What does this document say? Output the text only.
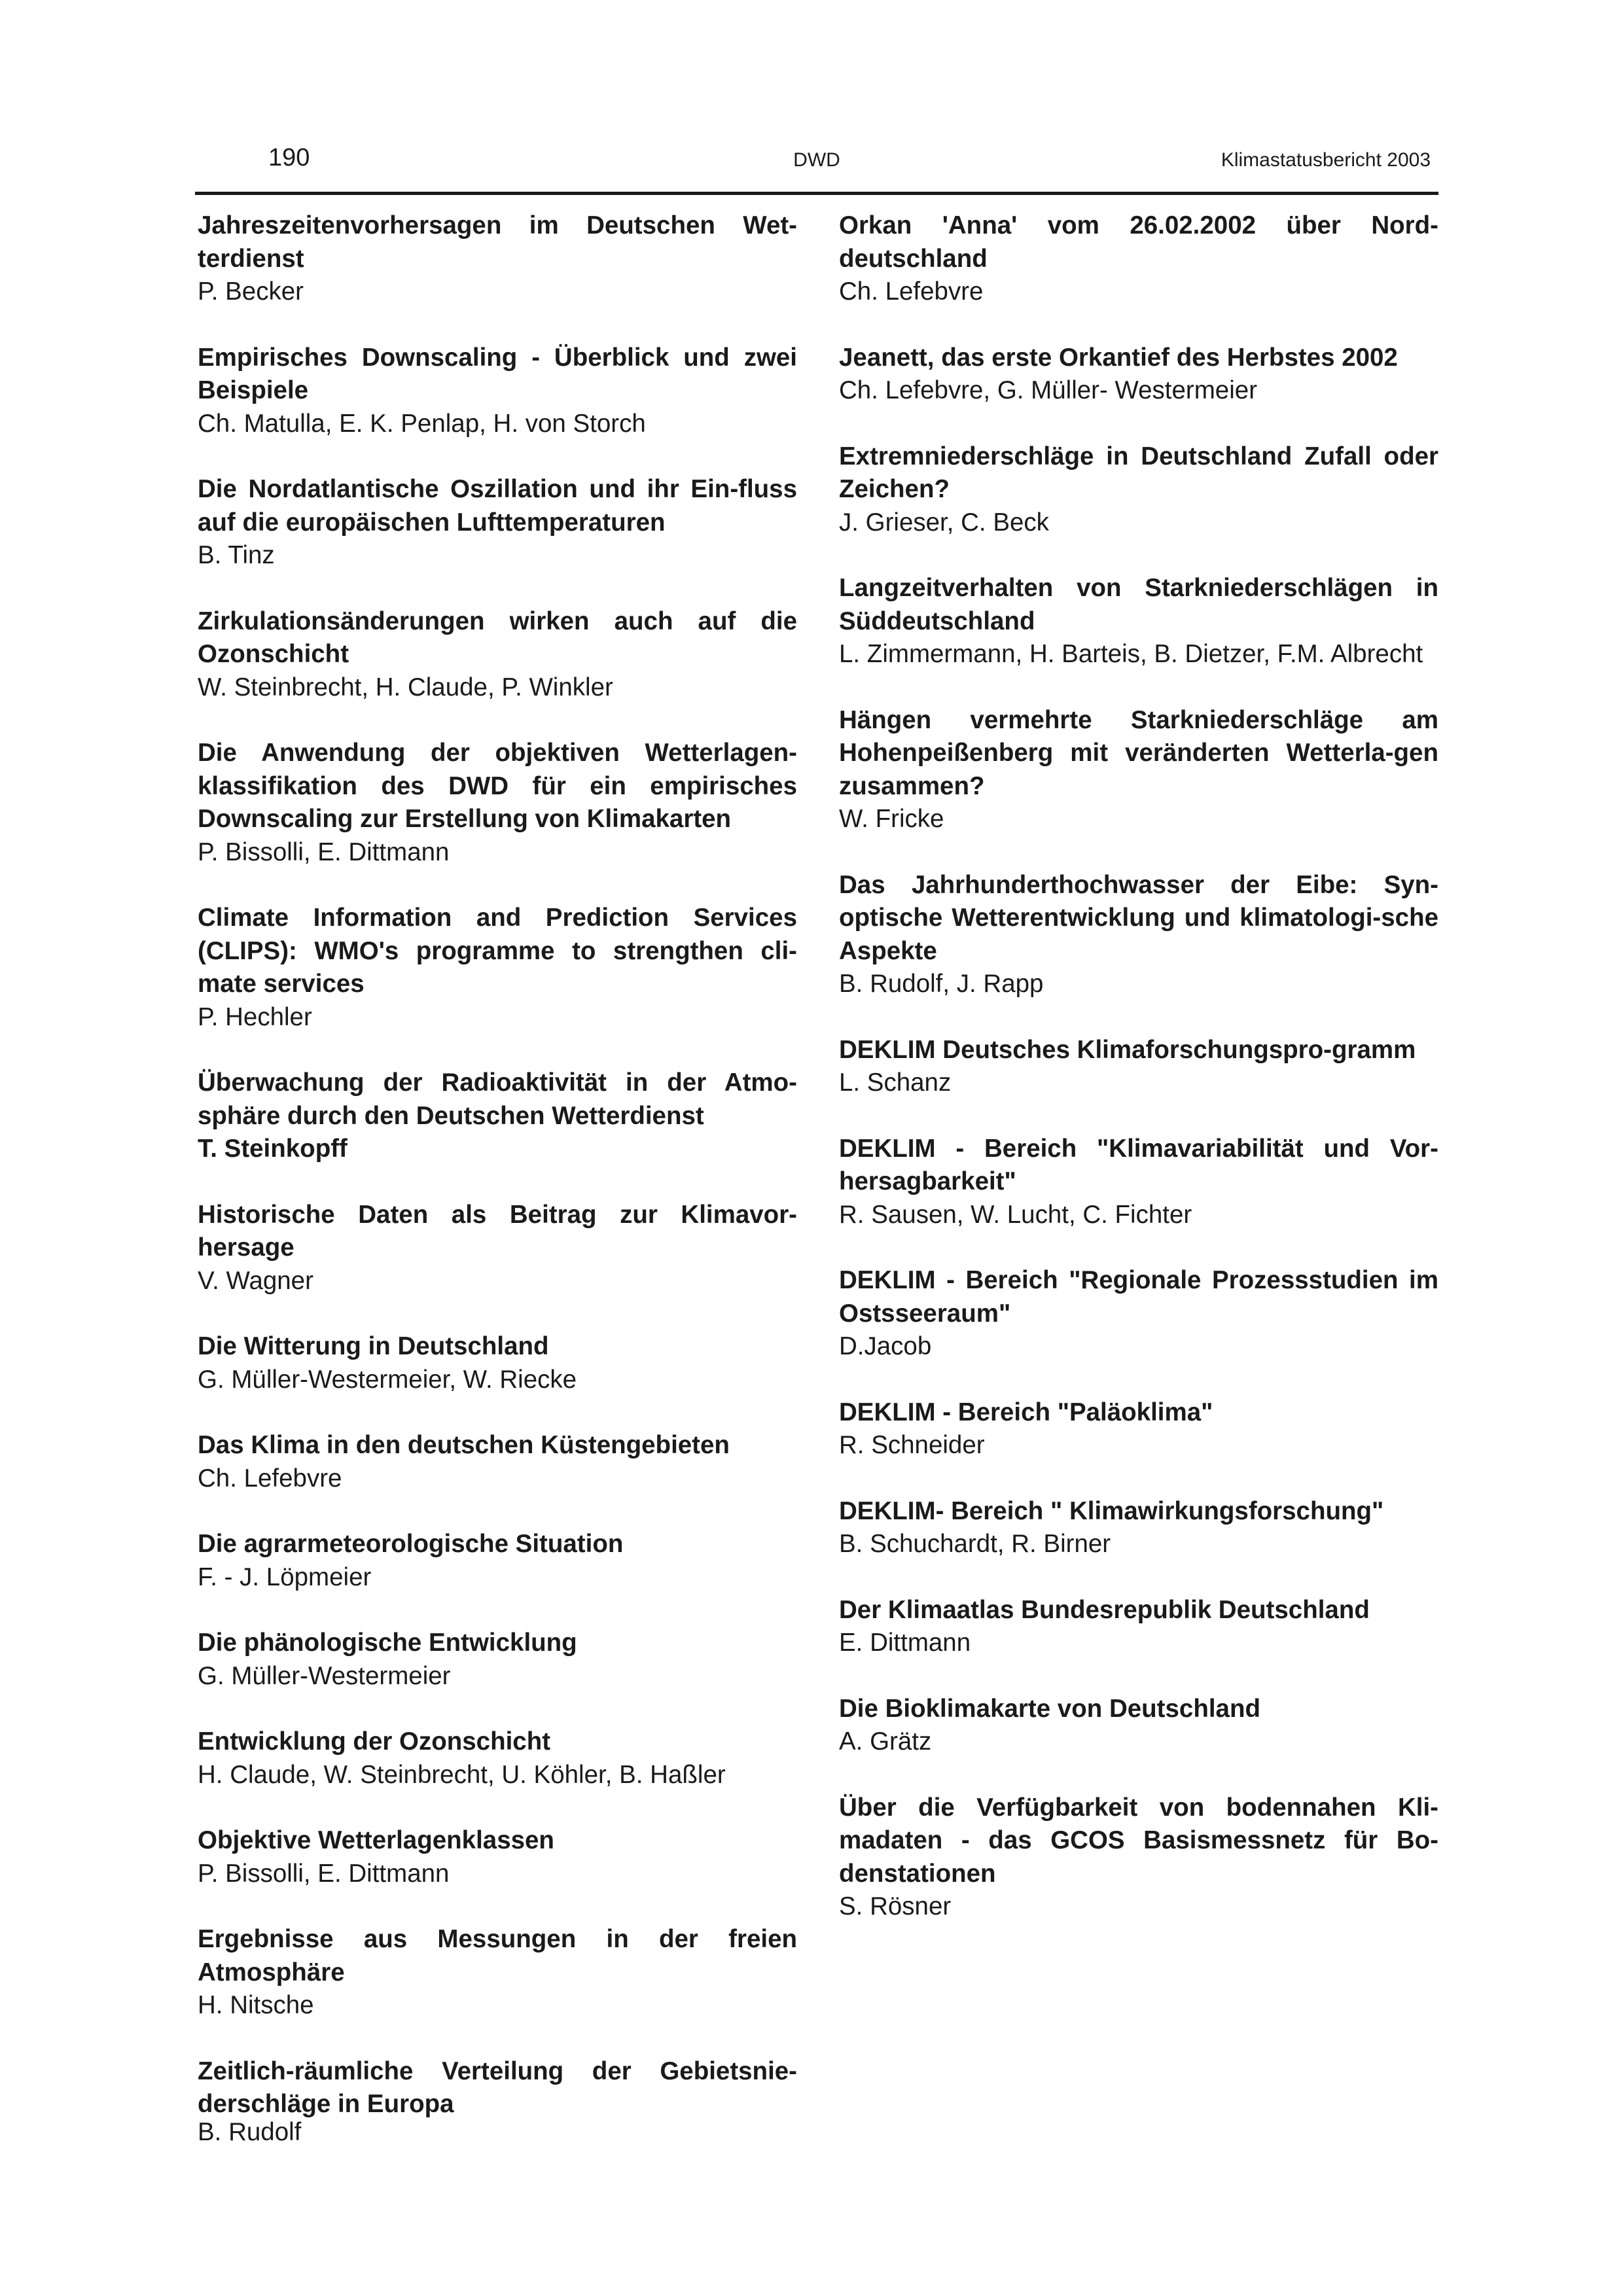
190	DWD	Klimastatusbericht 2003

Jahreszeitenvorhersagen im Deutschen Wet-terdienst

P. Becker

Empirisches Downscaling - Überblick und zwei Beispiele

Ch. Matulla, E. K. Penlap, H. von Storch

Die Nordatlantische Oszillation und ihr Ein-fluss auf die europäischen Lufttemperaturen

B. Tinz

Zirkulationsänderungen wirken auch auf die Ozonschicht

W. Steinbrecht, H. Claude, P. Winkler

Die Anwendung der objektiven Wetterlagen-klassifikation des DWD für ein empirisches Downscaling zur Erstellung von Klimakarten

P. Bissolli, E. Dittmann

Climate Information and Prediction Services (CLIPS): WMO's programme to strengthen cli-mate services

P. Hechler

Überwachung der Radioaktivität in der Atmo-sphäre durch den Deutschen Wetterdienst

T. Steinkopff

Historische Daten als Beitrag zur Klimavor-hersage

V. Wagner

Die Witterung in Deutschland

G. Müller-Westermeier, W. Riecke

Das Klima in den deutschen Küstengebieten

Ch. Lefebvre

Die agrarmeteorologische Situation

F. - J. Löpmeier

Die phänologische Entwicklung

G. Müller-Westermeier

Entwicklung der Ozonschicht

H. Claude, W. Steinbrecht, U. Köhler, B. Haßler

Objektive Wetterlagenklassen

P. Bissolli, E. Dittmann

Ergebnisse aus Messungen in der freien Atmosphäre

H. Nitsche

Zeitlich-räumliche Verteilung der Gebietsnie-derschläge in Europa

B. Rudolf

Orkan 'Anna' vom 26.02.2002 über Nord-deutschland

Ch. Lefebvre

Jeanett, das erste Orkantief des Herbstes 2002

Ch. Lefebvre, G. Müller- Westermeier

Extremniederschläge in Deutschland Zufall oder Zeichen?

J. Grieser, C. Beck

Langzeitverhalten von Starkniederschlägen in Süddeutschland

L. Zimmermann, H. Barteis, B. Dietzer, F.M. Albrecht

Hängen vermehrte Starkniederschläge am Hohenpeißenberg mit veränderten Wetterla-gen zusammen?

W. Fricke

Das Jahrhunderthochwasser der Eibe: Syn-optische Wetterentwicklung und klimatologi-sche Aspekte

B. Rudolf, J. Rapp

DEKLIM Deutsches Klimaforschungspro-gramm

L. Schanz

DEKLIM - Bereich "Klimavariabilität und Vor-hersagbarkeit"

R. Sausen, W. Lucht, C. Fichter

DEKLIM - Bereich "Regionale Prozessstudien im Ostsseeraum"

D.Jacob

DEKLIM - Bereich "Paläoklima"

R. Schneider

DEKLIM- Bereich " Klimawirkungsforschung"

B. Schuchardt, R. Birner

Der Klimaatlas Bundesrepublik Deutschland

E. Dittmann

Die Bioklimakarte von Deutschland

A. Grätz

Über die Verfügbarkeit von bodennahen Kli-madaten - das GCOS Basismessnetz für Bo-denstationen

S. Rösner
